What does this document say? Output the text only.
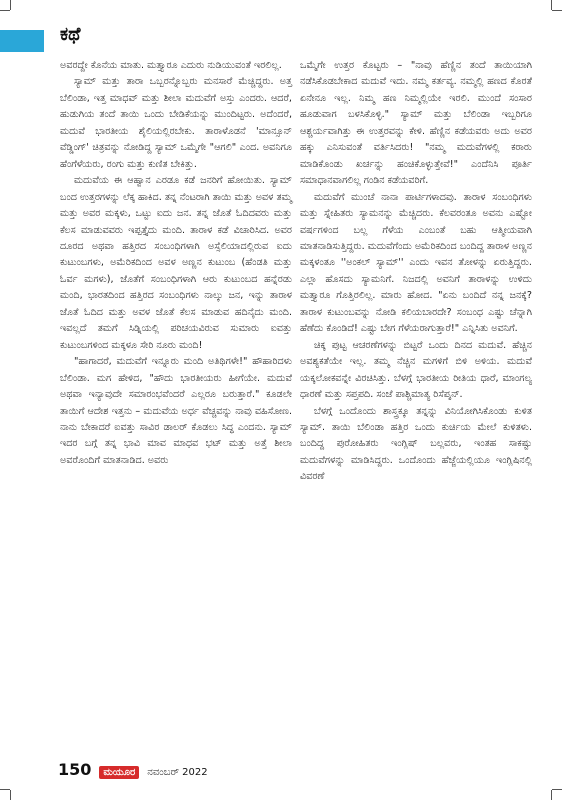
ಕಥೆ

ಅವರದ್ದೇ ಕೊನೆಯ ಮಾತು. ಮತ್ತ್ಯಾರೂ ಎದುರು ನುಡಿಯುವಂತೆ ಇರಲಿಲ್ಲ.

ಸ್ಯಾಮ್ ಮತ್ತು ತಾರಾ ಒಬ್ಬರನ್ನೊಬ್ಬರು ಮನಸಾರೆ ಮೆಚ್ಚಿದ್ದರು. ಅತ್ತ ಬೆಲಿಂಡಾ, ಇತ್ತ ಮಾಧವ್ ಮತ್ತು ಶೀಲಾ ಮದುವೆಗೆ ಅಸ್ತು ಎಂದರು. ಆದರೆ, ಹುಡುಗಿಯ ತಂದೆ ತಾಯಿ ಒಂದು ಬೇಡಿಕೆಯನ್ನು ಮುಂದಿಟ್ಟರು. ಅದೆಂದರೆ, ಮದುವೆ ಭಾರತೀಯ ಶೈಲಿಯಲ್ಲಿರಬೇಕು. ತಾರಾಳೊಡನೆ 'ಮಾನ್ಸೂನ್ ವೆಡ್ಡಿಂಗ್' ಚಿತ್ರವನ್ನು ನೋಡಿದ್ದ ಸ್ಯಾಮ್ ಒಮ್ಮೆಗೇ "ಆಗಲಿ" ಎಂದ. ಅವನಿಗೂ ಹೆಂಗೆಳೆಯರು, ರಂಗು ಮತ್ತು ಕುಣಿತ ಬೇಕಿತ್ತು.

ಮದುವೆಯ ಈ ಆಹ್ವಾನ ಎರಡೂ ಕಡೆ ಜನರಿಗೆ ಹೋಯಿತು. ಸ್ಯಾಮ್ ಬಂದ ಉತ್ತರಗಳನ್ನು ಲೆಕ್ಕ ಹಾಕಿದ. ತನ್ನ ನೆಂಟರಾಗಿ ತಾಯಿ ಮತ್ತು ಅವಳ ತಮ್ಮ ಮತ್ತು ಅವರ ಮಕ್ಕಳು, ಒಟ್ಟು ಐದು ಜನ. ತನ್ನ ಜೊತೆ ಓದಿದವರು ಮತ್ತು ಕೆಲಸ ಮಾಡುವವರು ಇಪ್ಪತ್ತೈದು ಮಂದಿ. ತಾರಾಳ ಕಡೆ ವಿಚಾರಿಸಿದ. ಅವರ ದೂರದ ಅಥವಾ ಹತ್ತಿರದ ಸಂಬಂಧಿಗಳಾಗಿ ಅಸ್ಸೆಲಿಯಾದಲ್ಲಿರುವ ಐದು ಕುಟುಂಬಗಳು, ಅಮೆರಿಕದಿಂದ ಅವಳ ಅಣ್ಣನ ಕುಟುಂಬ (ಹೆಂಡತಿ ಮತ್ತು ಓರ್ವ ಮಗಳು), ಜೊತೆಗೆ ಸಂಬಂಧಿಗಳಾಗಿ ಆರು ಕುಟುಂಬದ ಹನ್ನೆರಡು ಮಂದಿ, ಭಾರತದಿಂದ ಹತ್ತಿರದ ಸಂಬಂಧಿಗಳು ನಾಲ್ಕು ಜನ, ಇನ್ನು ತಾರಾಳ ಜೊತೆ ಓದಿದ ಮತ್ತು ಅವಳ ಜೊತೆ ಕೆಲಸ ಮಾಡುವ ಹದಿನೈದು ಮಂದಿ. ಇವಲ್ಲದೆ ತಮಗೆ ಸಿಡ್ನಿಯಲ್ಲಿ ಪರಿಚಯವಿರುವ ಸುಮಾರು ಐವತ್ತು ಕುಟುಂಬಗಳಿಂದ ಮಕ್ಕಳೂ ಸೇರಿ ನೂರು ಮಂದಿ!

"ಹಾಗಾದರೆ, ಮದುವೆಗೆ ಇನ್ನೂರು ಮಂದಿ ಅತಿಥಿಗಳೇ!" ಹೌಹಾರಿದಳು ಬೆಲಿಂಡಾ. ಮಗ ಹೇಳಿದ, "ಹೌದು ಭಾರತೀಯರು ಹೀಗೆಯೇ. ಮದುವೆ ಅಥವಾ ಇನ್ಯಾವುದೇ ಸಮಾರಂಭವೆಂದರೆ ಎಲ್ಲರೂ ಬರುತ್ತಾರೆ." ಕೂಡಲೇ ತಾಯಿಗೆ ಆದೇಶ ಇತ್ತನು – ಮದುವೆಯ ಅರ್ಧ ವೆಚ್ಚವನ್ನು ನಾವು ವಹಿಸೋಣ. ನಾನು ಬೇಕಾದರೆ ಐವತ್ತು ಸಾವಿರ ಡಾಲರ್ ಕೊಡಲು ಸಿದ್ಧ ಎಂದನು. ಸ್ಯಾಮ್ ಇದರ ಬಗ್ಗೆ ತನ್ನ ಭಾವಿ ಮಾವ ಮಾಧವ ಭಟ್ ಮತ್ತು ಅತ್ತೆ ಶೀಲಾ ಅವರೊಂದಿಗೆ ಮಾತನಾಡಿದ. ಅವರು

ಒಮ್ಮೆಗೇ ಉತ್ತರ ಕೊಟ್ಟರು – "ನಾವು ಹೆಣ್ಣಿನ ತಂದೆ ತಾಯಿಯಾಗಿ ನಡೆಸಿಕೊಡಬೇಕಾದ ಮದುವೆ ಇದು. ನಮ್ಮ ಕರ್ತವ್ಯ. ನಮ್ಮಲ್ಲಿ ಹಣದ ಕೊರತೆ ಏನೇನೂ ಇಲ್ಲ. ನಿಮ್ಮ ಹಣ ನಿಮ್ಮಲ್ಲಿಯೇ ಇರಲಿ. ಮುಂದೆ ಸಂಸಾರ ಹೂಡುವಾಗ ಬಳಸಿಕೊಳ್ಳಿ." ಸ್ಯಾಮ್ ಮತ್ತು ಬೆಲಿಂಡಾ ಇಬ್ಬರಿಗೂ ಆಶ್ಚರ್ಯವಾಗಿತ್ತು ಈ ಉತ್ತರವನ್ನು ಕೇಳಿ. ಹೆಣ್ಣಿನ ಕಡೆಯವರು ಅದು ಅವರ ಹಕ್ಕು ಎನಿಸುವಂತೆ ವರ್ತಿಸಿದರು! "ನಮ್ಮ ಮದುವೆಗಳಲ್ಲಿ ಕರಾರು ಮಾಡಿಕೊಂಡು ಖರ್ಚನ್ನು ಹಂಚಿಕೊಳ್ಳುತ್ತೇವೆ!" ಎಂದೆನಿಸಿ ಪೂರ್ತಿ ಸಮಾಧಾನವಾಗಲಿಲ್ಲ ಗಂಡಿನ ಕಡೆಯವರಿಗೆ.

ಮದುವೆಗೆ ಮುಂಚೆ ನಾನಾ ಪಾರ್ಟಿಗಳಾದವು. ತಾರಾಳ ಸಂಬಂಧಿಗಳು ಮತ್ತು ಸ್ನೇಹಿತರು ಸ್ಯಾಮನನ್ನು ಮೆಚ್ಚಿದರು. ಕೆಲವರಂತೂ ಅವನು ಎಷ್ಟೋ ವರ್ಷಗಳಿಂದ ಬಲ್ಲ ಗೆಳೆಯ ಎಂಬಂತೆ ಬಹು ಆತ್ಮೀಯವಾಗಿ ಮಾತನಾಡಿಸುತ್ತಿದ್ದರು. ಮದುವೆಗೆಂದು ಅಮೆರಿಕದಿಂದ ಬಂದಿದ್ದ ತಾರಾಳ ಅಣ್ಣನ ಮಕ್ಕಳಂತೂ ''ಅಂಕಲ್ ಸ್ಯಾಮ್'' ಎಂದು ಇವನ ತೋಳನ್ನು ಏರುತ್ತಿದ್ದರು. ಎಲ್ಲಾ ಹೊಸದು ಸ್ಯಾಮನಿಗೆ. ನಿಜದಲ್ಲಿ ಅವನಿಗೆ ತಾರಾಳನ್ನು ಉಳಿದು ಮತ್ತ್ಯಾರೂ ಗೊತ್ತಿರಲಿಲ್ಲ. ಮಾರು ಹೋದ. "ಏನು ಬಂದಿದೆ ನನ್ನ ಜನಕ್ಕೆ? ತಾರಾಳ ಕುಟುಂಬವನ್ನು ನೋಡಿ ಕಲಿಯಬಾರದೇ? ಸಂಬಂಧ ಎಷ್ಟು ಚೆನ್ನಾಗಿ ಹೆಣೆದು ಕೊಂಡಿದೆ! ಎಷ್ಟು ಬೇಗ ಗೆಳೆಯರಾಗುತ್ತಾರೆ!" ಎನ್ನಿಸಿತು ಅವನಿಗೆ.

ಚಿಕ್ಕ ಪುಟ್ಟ ಆಚರಣೆಗಳನ್ನು ಬಿಟ್ಟರೆ ಒಂದು ದಿನದ ಮದುವೆ. ಹೆಚ್ಚಿನ ಅವಶ್ಯಕತೆಯೇ ಇಲ್ಲ. ತಮ್ಮ ನೆಚ್ಚಿನ ಮಗಳಿಗೆ ಬಿಳಿ ಅಳಿಯ. ಮದುವೆ ಯಕ್ಕಲೋಕವನ್ನೇ ವಿರಚಿಸಿತ್ತು. ಬೆಳಗ್ಗೆ ಭಾರತೀಯ ರೀತಿಯ ಧಾರೆ, ಮಾಂಗಲ್ಯ ಧಾರಣೆ ಮತ್ತು ಸಪ್ತಪದಿ. ಸಂಜೆ ಪಾಶ್ಚಿಮಾತ್ಯ ರಿಸೆಪ್ಶನ್.

ಬೆಳಗ್ಗೆ ಒಂದೊಂದು ಶಾಸ್ತ್ರಕ್ಕೂ ತನ್ನನ್ನು ವಿನಿಯೋಗಿಸಿಕೊಂಡು ಕುಳಿತ ಸ್ಯಾಮ್. ತಾಯಿ ಬೆಲಿಂಡಾ ಹತ್ತಿರ ಒಂದು ಕುರ್ಚಿಯ ಮೇಲೆ ಕುಳಿತಳು. ಬಂದಿದ್ದ ಪುರೋಹಿತರು ಇಂಗ್ಲಿಷ್ ಬಲ್ಲವರು, ಇಂತಹ ಸಾಕಷ್ಟು ಮದುವೆಗಳನ್ನು ಮಾಡಿಸಿದ್ದರು. ಒಂದೊಂದು ಹೆಜ್ಜೆಯಲ್ಲಿಯೂ ಇಂಗ್ಲಿಷಿನಲ್ಲಿ ವಿವರಣೆ

150	ಮಯೂರ	ನವಂಬರ್ 2022
